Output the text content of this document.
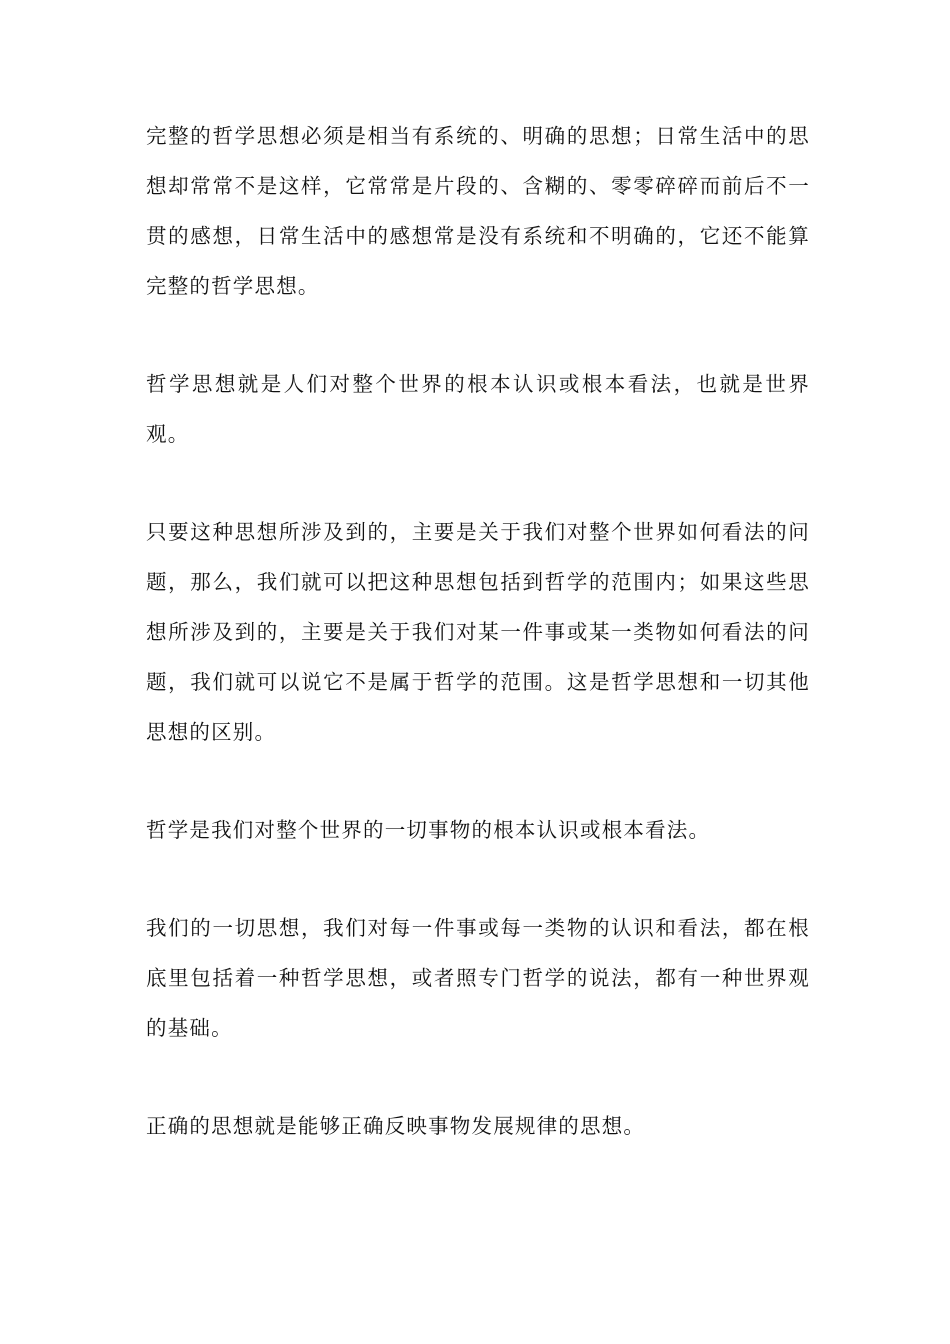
完整的哲学思想必须是相当有系统的、明确的思想；日常生活中的思想却常常不是这样，它常常是片段的、含糊的、零零碎碎而前后不一贯的感想，日常生活中的感想常是没有系统和不明确的，它还不能算完整的哲学思想。

哲学思想就是人们对整个世界的根本认识或根本看法，也就是世界观。

只要这种思想所涉及到的，主要是关于我们对整个世界如何看法的问题，那么，我们就可以把这种思想包括到哲学的范围内；如果这些思想所涉及到的，主要是关于我们对某一件事或某一类物如何看法的问题，我们就可以说它不是属于哲学的范围。这是哲学思想和一切其他思想的区别。

哲学是我们对整个世界的一切事物的根本认识或根本看法。

我们的一切思想，我们对每一件事或每一类物的认识和看法，都在根底里包括着一种哲学思想，或者照专门哲学的说法，都有一种世界观的基础。

正确的思想就是能够正确反映事物发展规律的思想。
